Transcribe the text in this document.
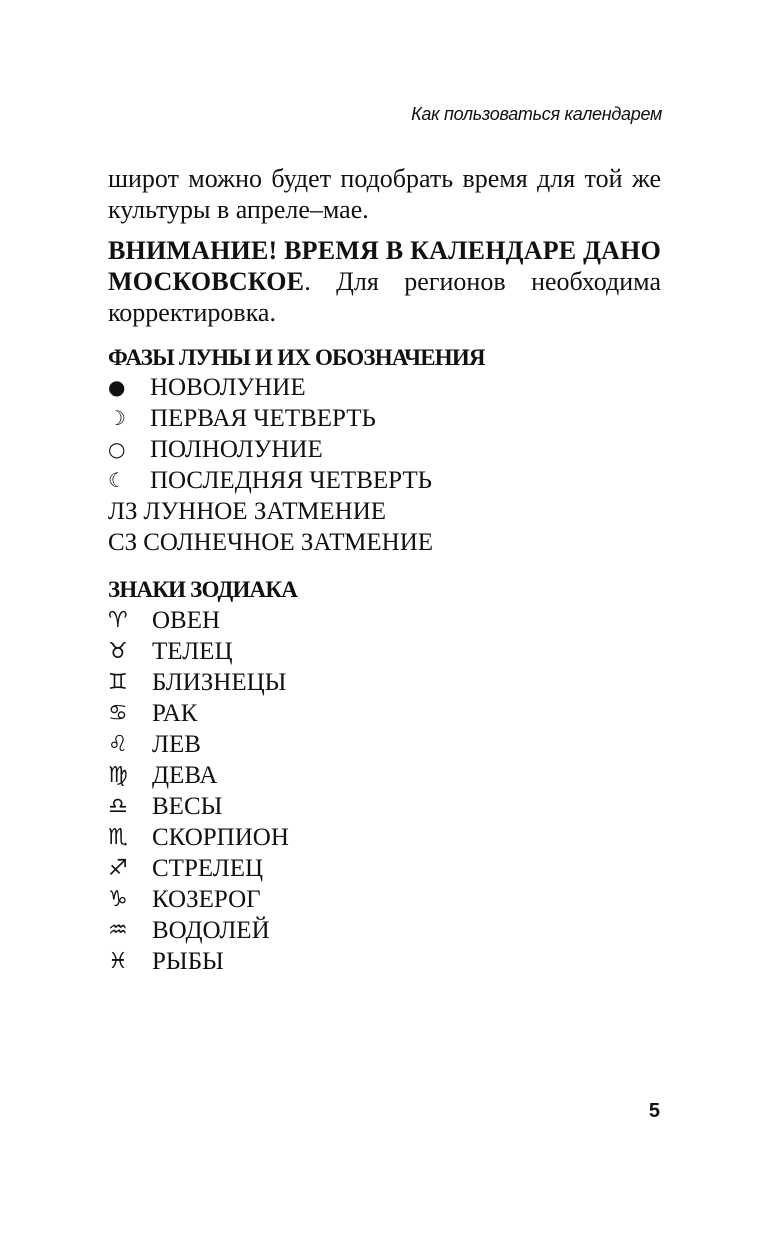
Как пользоваться календарем

широт можно будет подобрать время для той же культуры в апреле–мае.

ВНИМАНИЕ! ВРЕМЯ В КАЛЕНДАРЕ ДАНО МОСКОВСКОЕ. Для регионов необходима корректировка.

ФАЗЫ ЛУНЫ И ИХ ОБОЗНАЧЕНИЯ
● НОВОЛУНИЕ
☽ ПЕРВАЯ ЧЕТВЕРТЬ
○ ПОЛНОЛУНИЕ
☾ ПОСЛЕДНЯЯ ЧЕТВЕРТЬ
ЛЗ ЛУННОЕ ЗАТМЕНИЕ
СЗ СОЛНЕЧНОЕ ЗАТМЕНИЕ
ЗНАКИ ЗОДИАКА
♈ ОВЕН
♉ ТЕЛЕЦ
♊ БЛИЗНЕЦЫ
♋ РАК
♌ ЛЕВ
♍ ДЕВА
♎ ВЕСЫ
♏ СКОРПИОН
♐ СТРЕЛЕЦ
♑ КОЗЕРОГ
♒ ВОДОЛЕЙ
♓ РЫБЫ
5
